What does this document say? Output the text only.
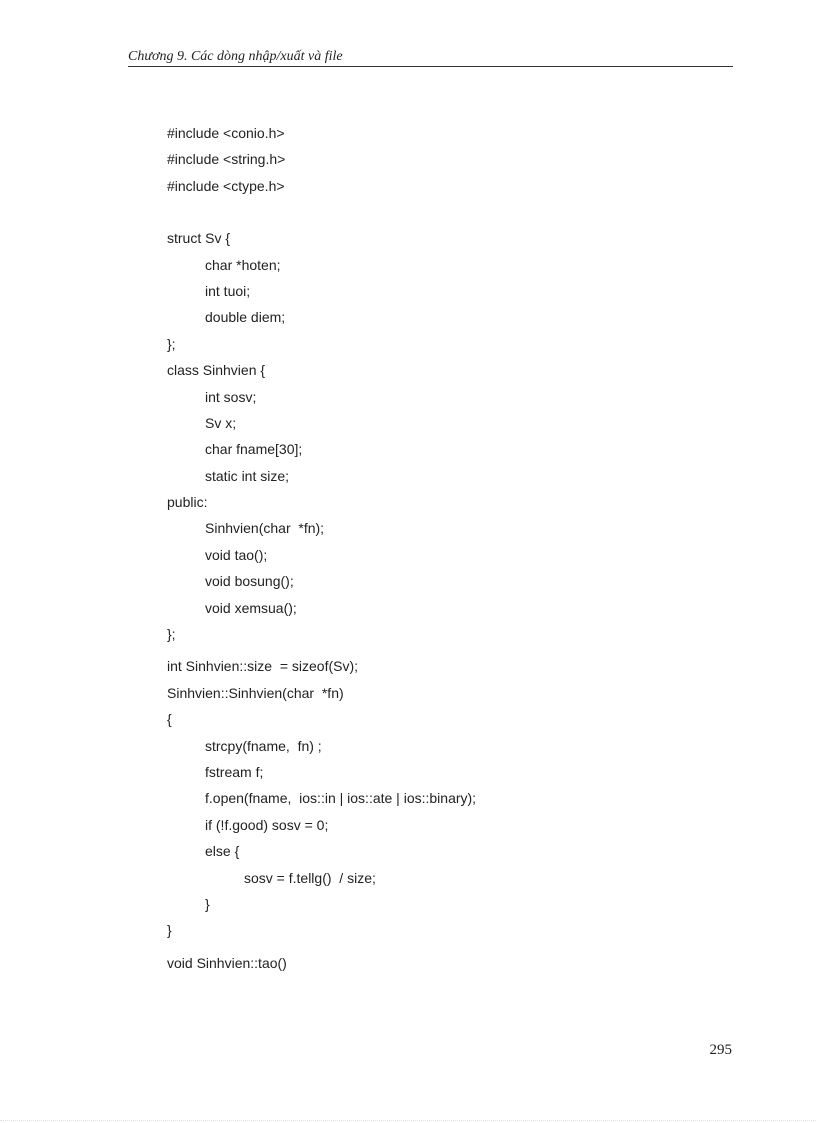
Chương 9. Các dòng nhập/xuất và file
#include <conio.h>
#include <string.h>
#include <ctype.h>
struct Sv {
char *hoten;
int tuoi;
double diem;
};
class Sinhvien {
int sosv;
Sv x;
char fname[30];
static int size;
public:
Sinhvien(char  *fn);
void tao();
void bosung();
void xemsua();
};
int Sinhvien::size  = sizeof(Sv);
Sinhvien::Sinhvien(char  *fn)
{
strcpy(fname,  fn) ;
fstream f;
f.open(fname,  ios::in | ios::ate | ios::binary);
if (!f.good) sosv = 0;
else {
sosv = f.tellg()  / size;
}
}
void Sinhvien::tao()
295
